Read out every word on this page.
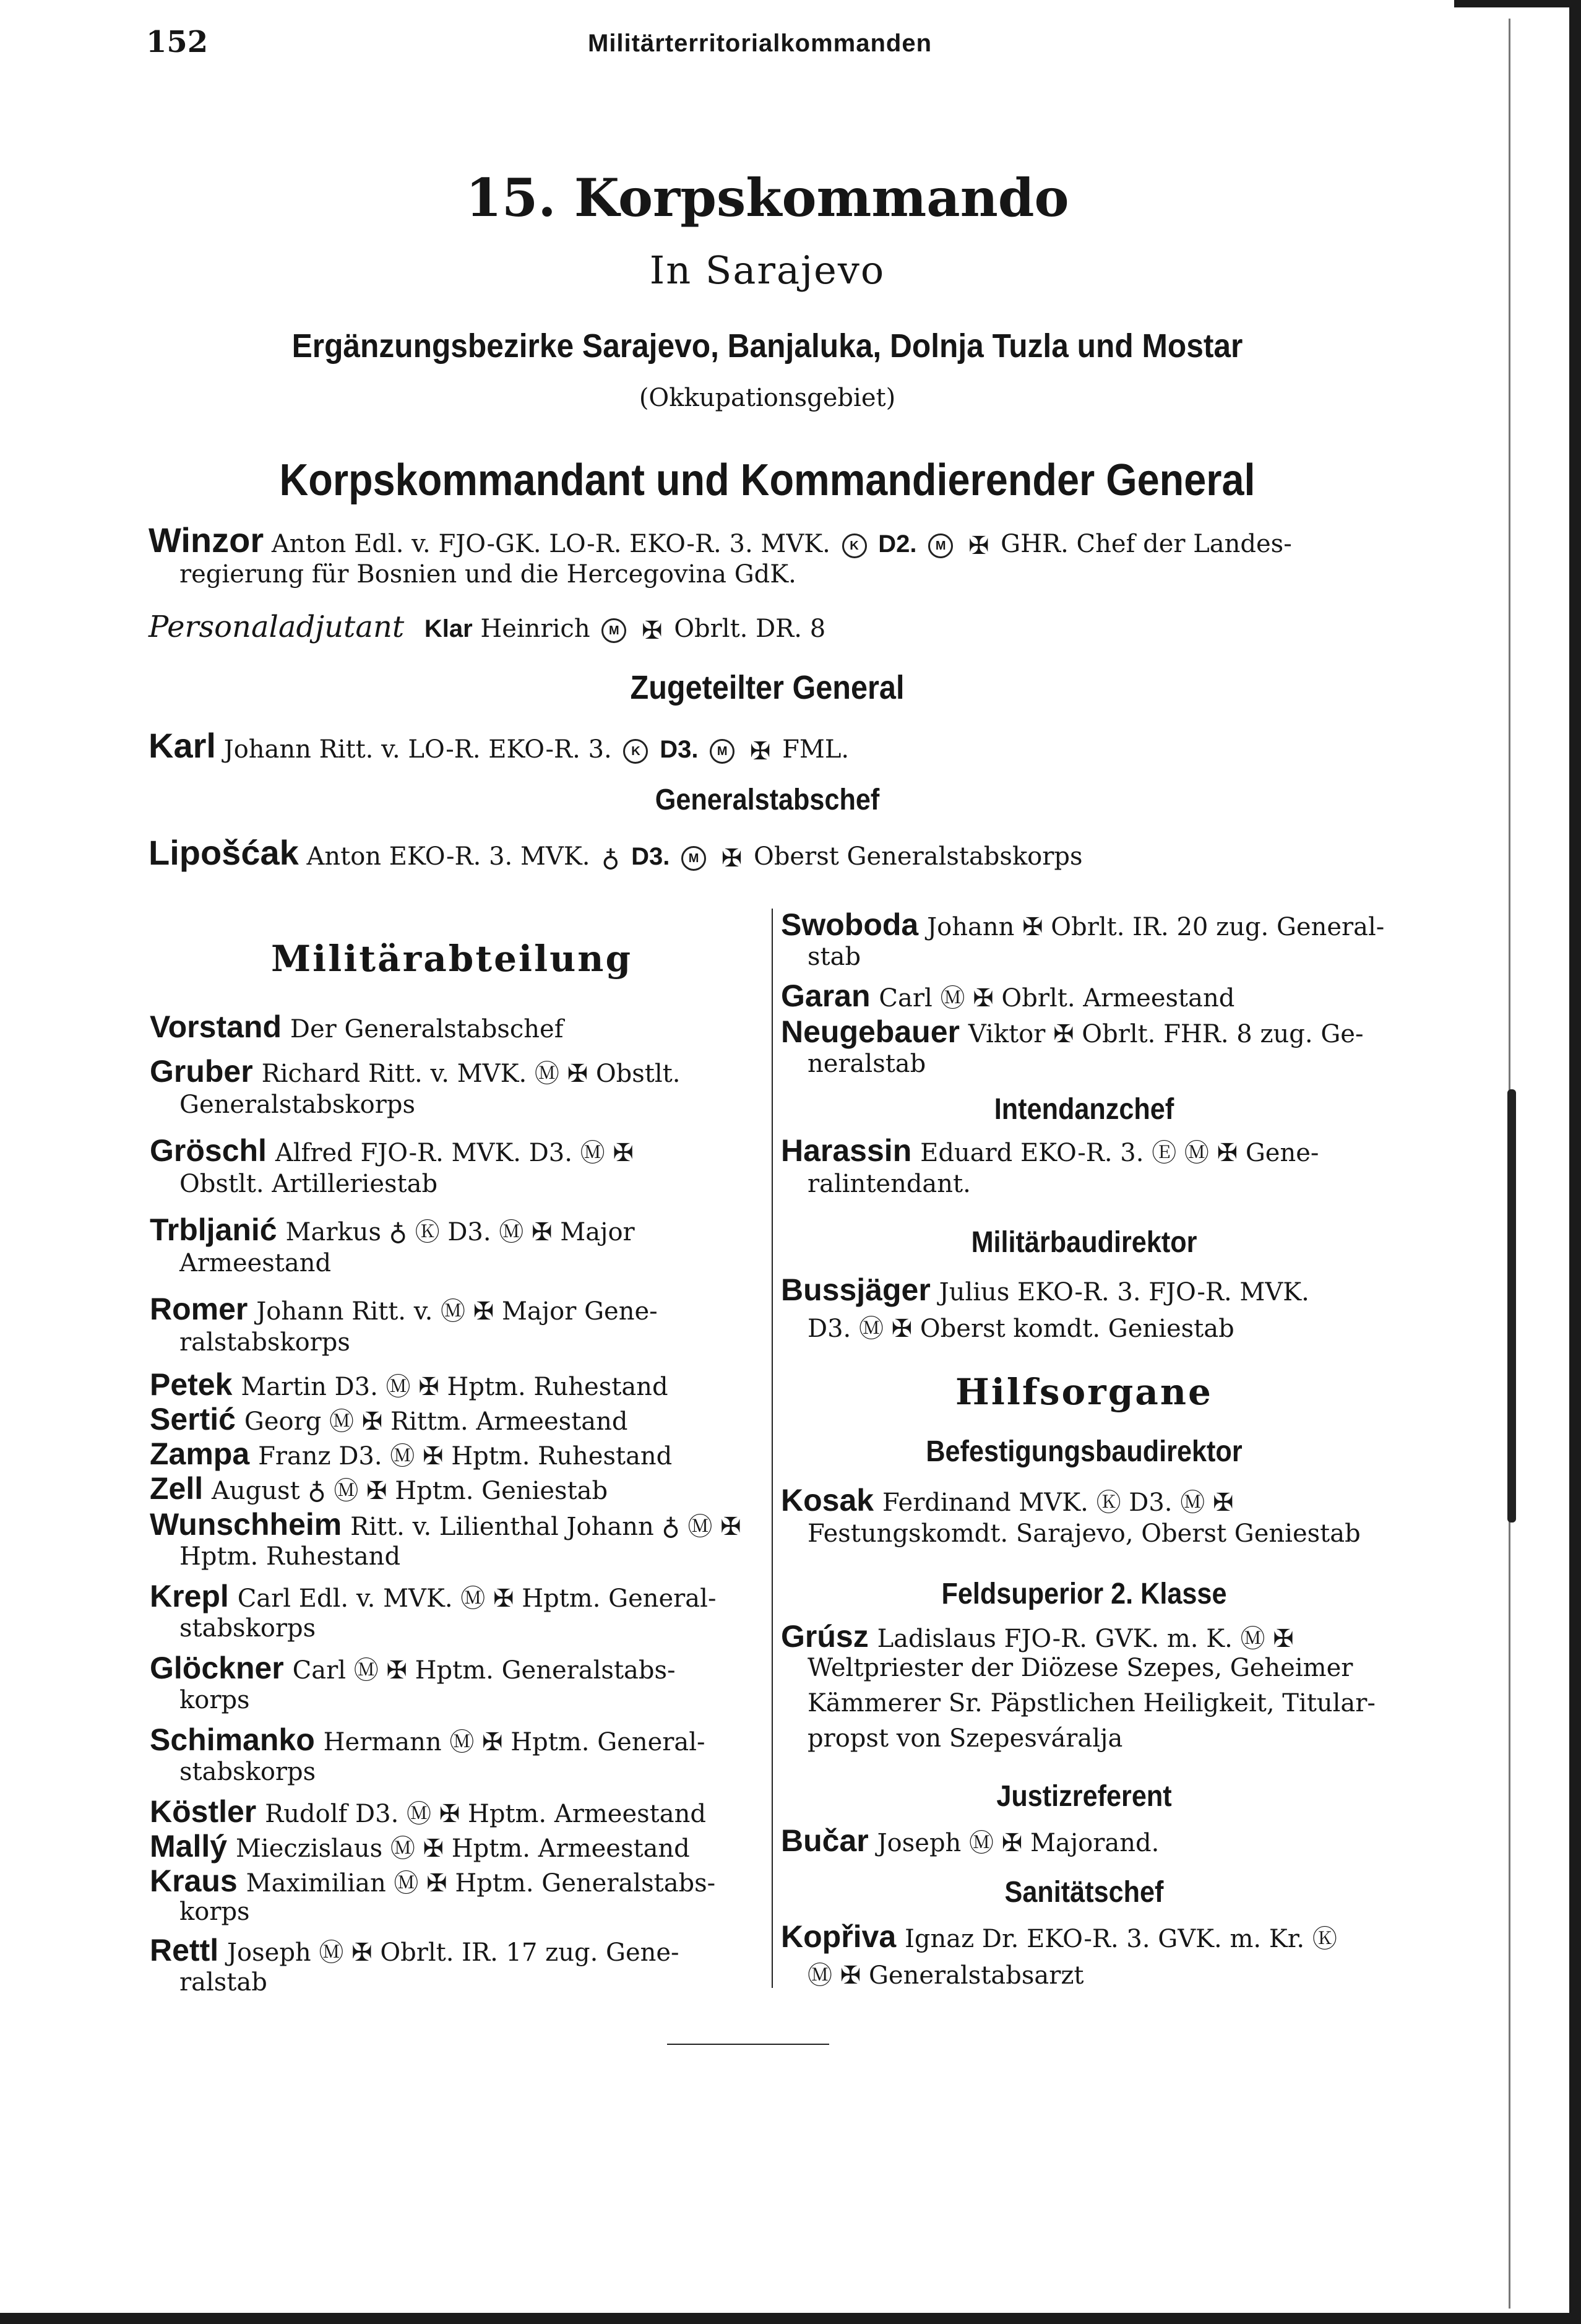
152	Militärterritorialkommanden
15. Korpskommando
In Sarajevo
Ergänzungsbezirke Sarajevo, Banjaluka, Dolnja Tuzla und Mostar
(Okkupationsgebiet)
Korpskommandant und Kommandierender General
Winzor Anton Edl. v. FJO-GK. LO-R. EKO-R. 3. MVK. K D2. M ✠ GHR. Chef der Landes-
regierung für Bosnien und die Hercegovina GdK.
Personaladjutant Klar Heinrich M ✠ Obrlt. DR. 8
Zugeteilter General
Karl Johann Ritt. v. LO-R. EKO-R. 3. K D3. M ✠ FML.
Generalstabschef
Lipošćak Anton EKO-R. 3. MVK. ♁ D3. M ✠ Oberst Generalstabskorps
Militärabteilung
Vorstand Der Generalstabschef
Gruber Richard Ritt. v. MVK. Ⓜ ✠ Obstlt.
Generalstabskorps
Gröschl Alfred FJO-R. MVK. D3. Ⓜ ✠
Obstlt. Artilleriestab
Trbljanić Markus ♁ Ⓚ D3. Ⓜ ✠ Major
Armeestand
Romer Johann Ritt. v. Ⓜ ✠ Major Gene-
ralstabskorps
Petek Martin D3. Ⓜ ✠ Hptm. Ruhestand
Sertić Georg Ⓜ ✠ Rittm. Armeestand
Zampa Franz D3. Ⓜ ✠ Hptm. Ruhestand
Zell August ♁ Ⓜ ✠ Hptm. Geniestab
Wunschheim Ritt. v. Lilienthal Johann ♁ Ⓜ ✠
Hptm. Ruhestand
Krepl Carl Edl. v. MVK. Ⓜ ✠ Hptm. General-
stabskorps
Glöckner Carl Ⓜ ✠ Hptm. Generalstabs-
korps
Schimanko Hermann Ⓜ ✠ Hptm. General-
stabskorps
Köstler Rudolf D3. Ⓜ ✠ Hptm. Armeestand
Mallý Mieczislaus Ⓜ ✠ Hptm. Armeestand
Kraus Maximilian Ⓜ ✠ Hptm. Generalstabs-
korps
Rettl Joseph Ⓜ ✠ Obrlt. IR. 17 zug. Gene-
ralstab
Swoboda Johann ✠ Obrlt. IR. 20 zug. General-
stab
Garan Carl Ⓜ ✠ Obrlt. Armeestand
Neugebauer Viktor ✠ Obrlt. FHR. 8 zug. Ge-
neralstab
Intendanzchef
Harassin Eduard EKO-R. 3. Ⓔ Ⓜ ✠ Gene-
ralintendant.
Militärbaudirektor
Bussjäger Julius EKO-R. 3. FJO-R. MVK.
D3. Ⓜ ✠ Oberst komdt. Geniestab
Hilfsorgane
Befestigungsbaudirektor
Kosak Ferdinand MVK. Ⓚ D3. Ⓜ ✠
Festungskomdt. Sarajevo, Oberst Geniestab
Feldsuperior 2. Klasse
Grúsz Ladislaus FJO-R. GVK. m. K. Ⓜ ✠
Weltpriester der Diözese Szepes, Geheimer
Kämmerer Sr. Päpstlichen Heiligkeit, Titular-
propst von Szepesváralja
Justizreferent
Bučar Joseph Ⓜ ✠ Majorand.
Sanitätschef
Kopřiva Ignaz Dr. EKO-R. 3. GVK. m. Kr. Ⓚ
Ⓜ ✠ Generalstabsarzt
